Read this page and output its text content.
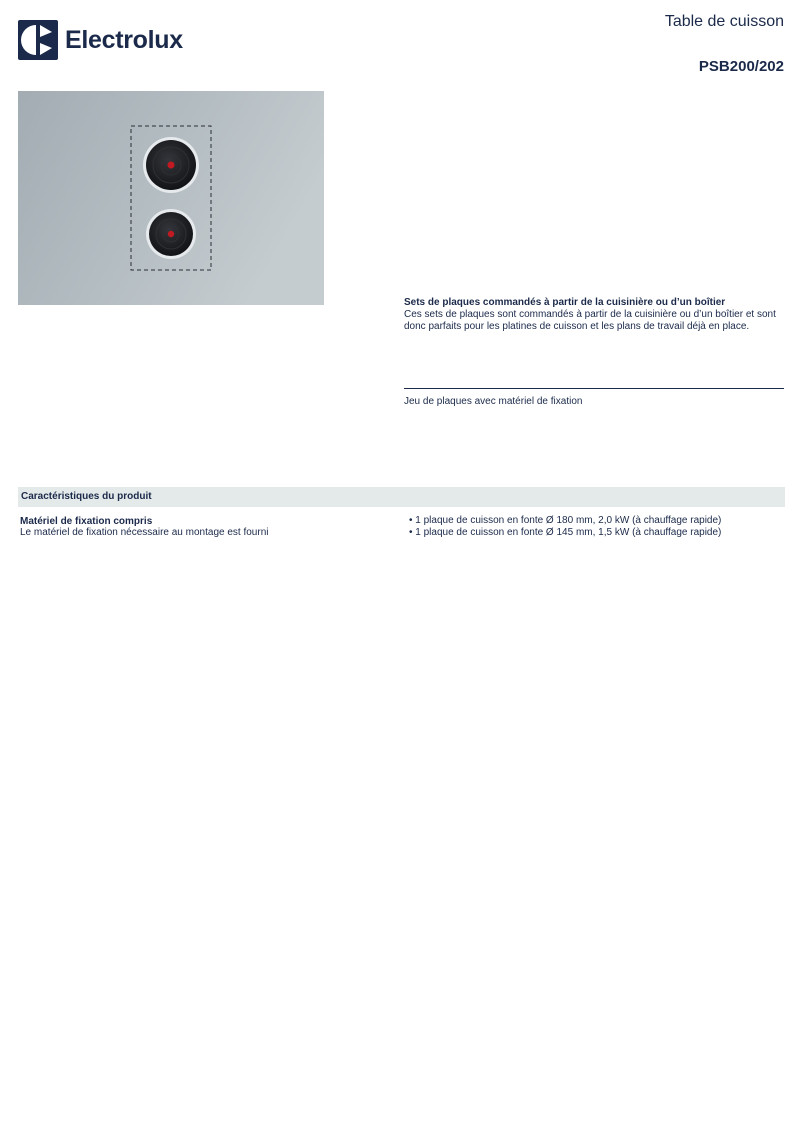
Electrolux
Table de cuisson
PSB200/202

Sets de plaques commandés à partir de la cuisinière ou d’un boîtier

Ces sets de plaques sont commandés à partir de la cuisinière ou d’un boîtier et sont donc parfaits pour les platines de cuisson et les plans de travail déjà en place.

Jeu de plaques avec matériel de fixation
Caractéristiques du produit

Matériel de fixation compris

Le matériel de fixation nécessaire au montage est fourni

• 1 plaque de cuisson en fonte Ø 180 mm, 2,0 kW (à chauffage rapide)
• 1 plaque de cuisson en fonte Ø 145 mm, 1,5 kW (à chauffage rapide)
